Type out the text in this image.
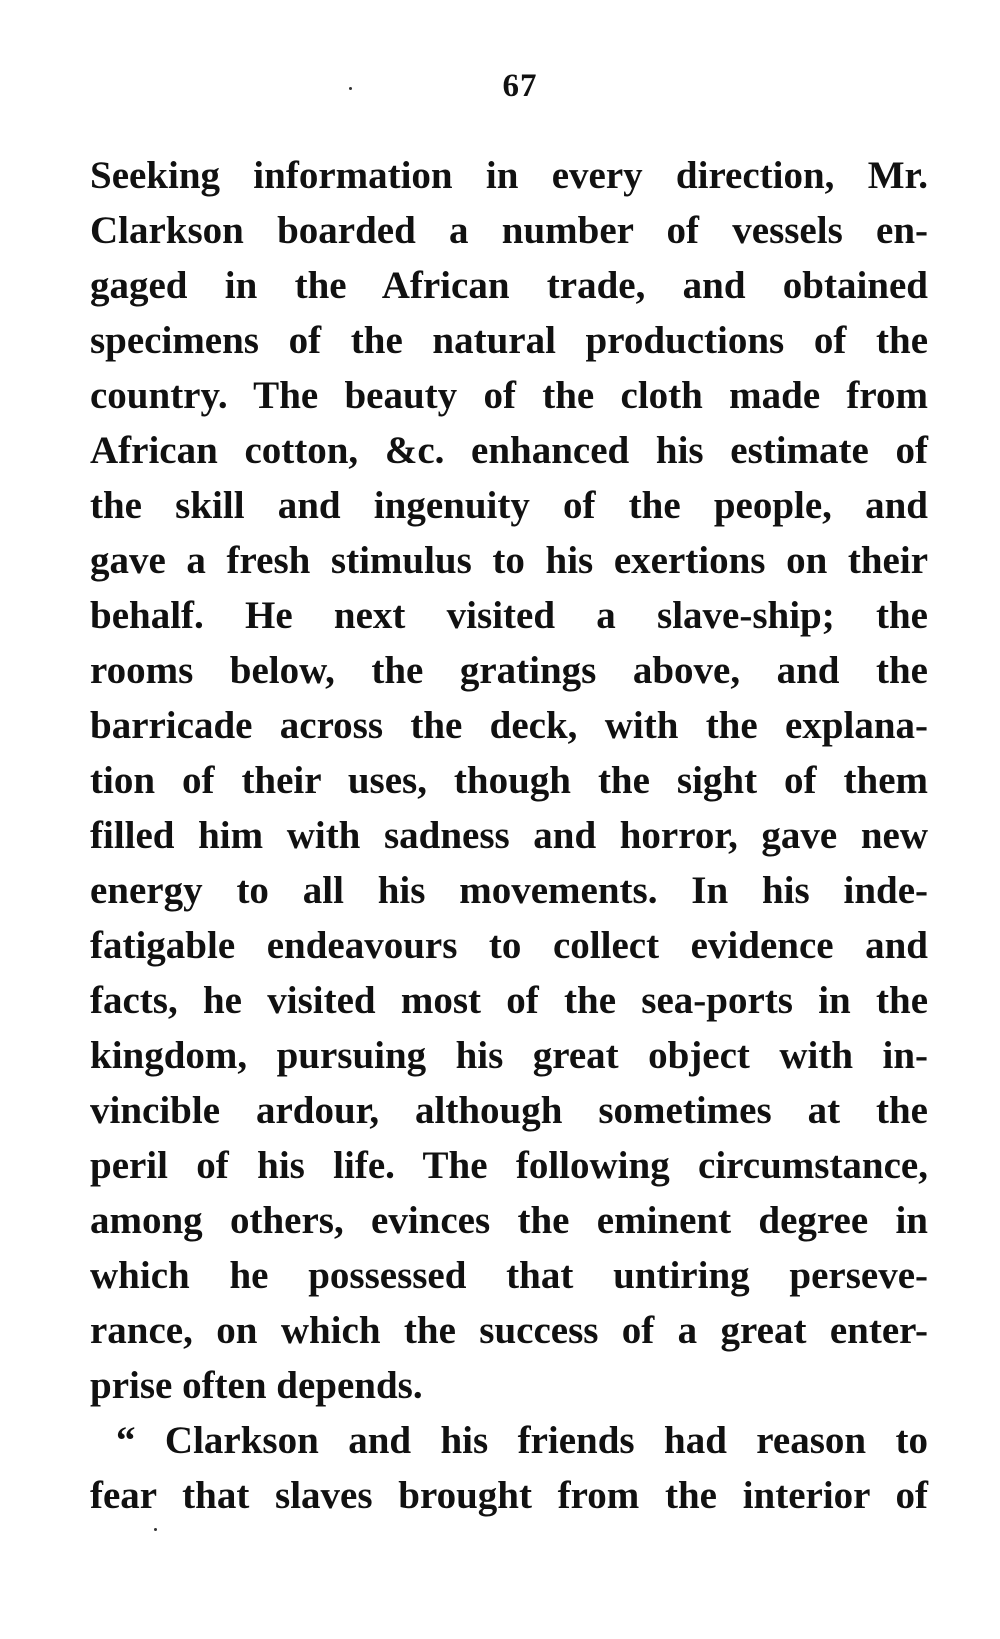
67
Seeking information in every direction, Mr.
Clarkson boarded a number of vessels en-
gaged in the African trade, and obtained
specimens of the natural productions of the
country. The beauty of the cloth made from
African cotton, &c. enhanced his estimate of
the skill and ingenuity of the people, and
gave a fresh stimulus to his exertions on their
behalf. He next visited a slave-ship; the
rooms below, the gratings above, and the
barricade across the deck, with the explana-
tion of their uses, though the sight of them
filled him with sadness and horror, gave new
energy to all his movements. In his inde-
fatigable endeavours to collect evidence and
facts, he visited most of the sea-ports in the
kingdom, pursuing his great object with in-
vincible ardour, although sometimes at the
peril of his life. The following circumstance,
among others, evinces the eminent degree in
which he possessed that untiring perseve-
rance, on which the success of a great enter-
prise often depends.
“ Clarkson and his friends had reason to
fear that slaves brought from the interior of
